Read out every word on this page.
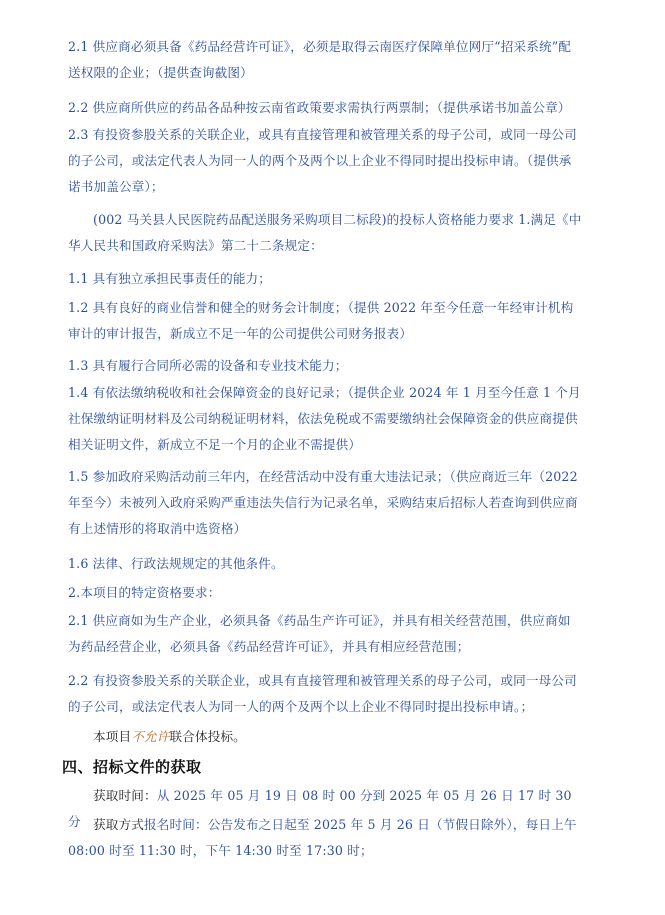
2.1 供应商必须具备《药品经营许可证》，必须是取得云南医疗保障单位网厅“招采系统”配送权限的企业；（提供查询截图）

2.2 供应商所供应的药品各品种按云南省政策要求需执行两票制；（提供承诺书加盖公章）

2.3 有投资参股关系的关联企业，或具有直接管理和被管理关系的母子公司，或同一母公司的子公司，或法定代表人为同一人的两个及两个以上企业不得同时提出投标申请。（提供承诺书加盖公章）；

(002 马关县人民医院药品配送服务采购项目二标段)的投标人资格能力要求 1.满足《中华人民共和国政府采购法》第二十二条规定：

1.1 具有独立承担民事责任的能力；

1.2 具有良好的商业信誉和健全的财务会计制度；（提供 2022 年至今任意一年经审计机构审计的审计报告，新成立不足一年的公司提供公司财务报表）

1.3 具有履行合同所必需的设备和专业技术能力；

1.4 有依法缴纳税收和社会保障资金的良好记录；（提供企业 2024 年 1 月至今任意 1 个月社保缴纳证明材料及公司纳税证明材料，依法免税或不需要缴纳社会保障资金的供应商提供相关证明文件，新成立不足一个月的企业不需提供）

1.5 参加政府采购活动前三年内，在经营活动中没有重大违法记录；（供应商近三年（2022年至今）未被列入政府采购严重违法失信行为记录名单，采购结束后招标人若查询到供应商有上述情形的将取消中选资格）

1.6 法律、行政法规规定的其他条件。

2.本项目的特定资格要求：

2.1 供应商如为生产企业，必须具备《药品生产许可证》，并具有相关经营范围，供应商如为药品经营企业，必须具备《药品经营许可证》，并具有相应经营范围；

2.2 有投资参股关系的关联企业，或具有直接管理和被管理关系的母子公司，或同一母公司的子公司，或法定代表人为同一人的两个及两个以上企业不得同时提出投标申请。；

本项目不允许联合体投标。

四、招标文件的获取

获取时间：从 2025 年 05 月 19 日 08 时 00 分到 2025 年 05 月 26 日 17 时 30 分 获取方式报名时间：公告发布之日起至 2025 年 5 月 26 日（节假日除外），每日上午 08:00 时至 11:30 时，下午 14:30 时至 17:30 时；
